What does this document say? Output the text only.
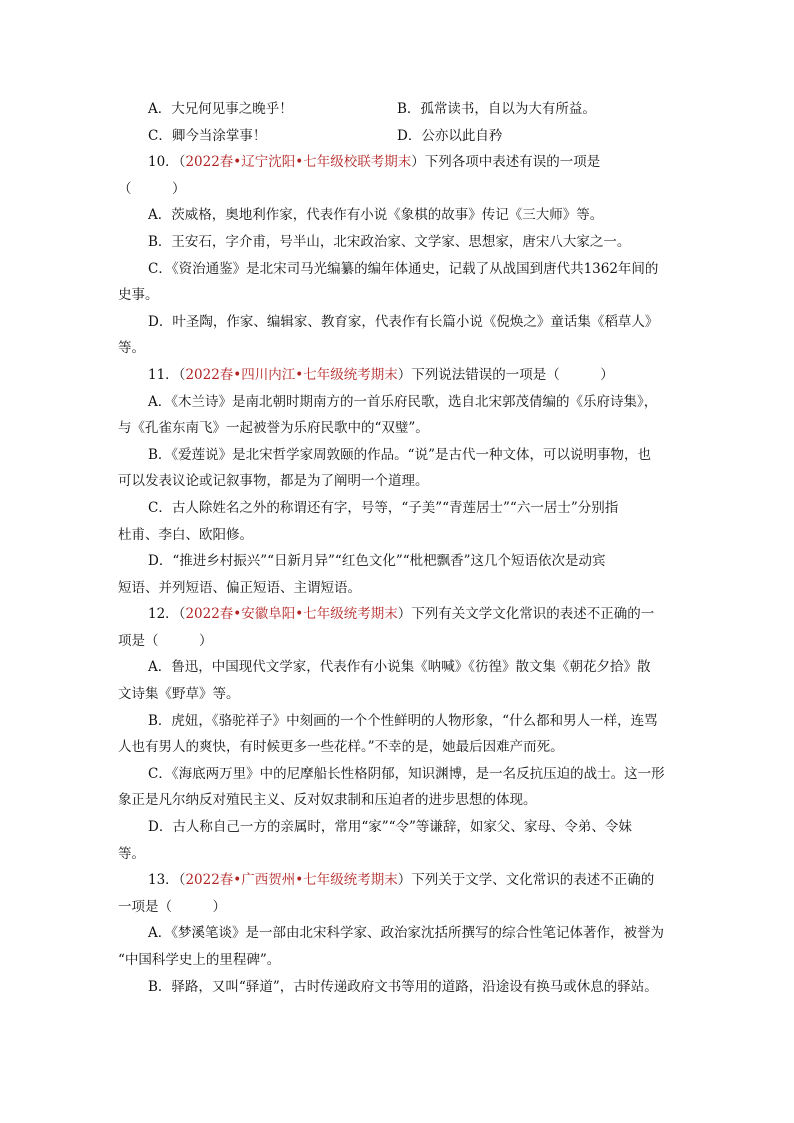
A．大兄何见事之晚乎！	B．孤常读书，自以为大有所益。
C．卿今当涂掌事！	D．公亦以此自矜
10．（2022春•辽宁沈阳•七年级校联考期末）下列各项中表述有误的一项是
（　　　）
A．茨威格，奥地利作家，代表作有小说《象棋的故事》传记《三大师》等。
B．王安石，字介甫，号半山，北宋政治家、文学家、思想家，唐宋八大家之一。
C．《资治通鉴》是北宋司马光编纂的编年体通史，记载了从战国到唐代共1362年间的
史事。
D．叶圣陶，作家、编辑家、教育家，代表作有长篇小说《倪焕之》童话集《稻草人》
等。
11．（2022春•四川内江•七年级统考期末）下列说法错误的一项是（　　　）
A．《木兰诗》是南北朝时期南方的一首乐府民歌，选自北宋郭茂倩编的《乐府诗集》，
与《孔雀东南飞》一起被誉为乐府民歌中的“双璧”。
B．《爱莲说》是北宋哲学家周敦颐的作品。“说”是古代一种文体，可以说明事物，也
可以发表议论或记叙事物，都是为了阐明一个道理。
C．古人除姓名之外的称谓还有字，号等，“子美”“青莲居士”“六一居士”分别指
杜甫、李白、欧阳修。
D．“推进乡村振兴”“日新月异”“红色文化”“枇杷飘香”这几个短语依次是动宾
短语、并列短语、偏正短语、主谓短语。
12．（2022春•安徽阜阳•七年级统考期末）下列有关文学文化常识的表述不正确的一
项是（　　　）
A．鲁迅，中国现代文学家，代表作有小说集《呐喊》《彷徨》散文集《朝花夕拾》散
文诗集《野草》等。
B．虎妞，《骆驼祥子》中刻画的一个个性鲜明的人物形象，“什么都和男人一样，连骂
人也有男人的爽快，有时候更多一些花样。”不幸的是，她最后因难产而死。
C．《海底两万里》中的尼摩船长性格阴郁，知识渊博，是一名反抗压迫的战士。这一形
象正是凡尔纳反对殖民主义、反对奴隶制和压迫者的进步思想的体现。
D．古人称自己一方的亲属时，常用“家”“令”等谦辞，如家父、家母、令弟、令妹
等。
13．（2022春•广西贺州•七年级统考期末）下列关于文学、文化常识的表述不正确的
一项是（　　　）
A．《梦溪笔谈》是一部由北宋科学家、政治家沈括所撰写的综合性笔记体著作，被誉为
“中国科学史上的里程碑”。
B．驿路，又叫“驿道”，古时传递政府文书等用的道路，沿途设有换马或休息的驿站。
